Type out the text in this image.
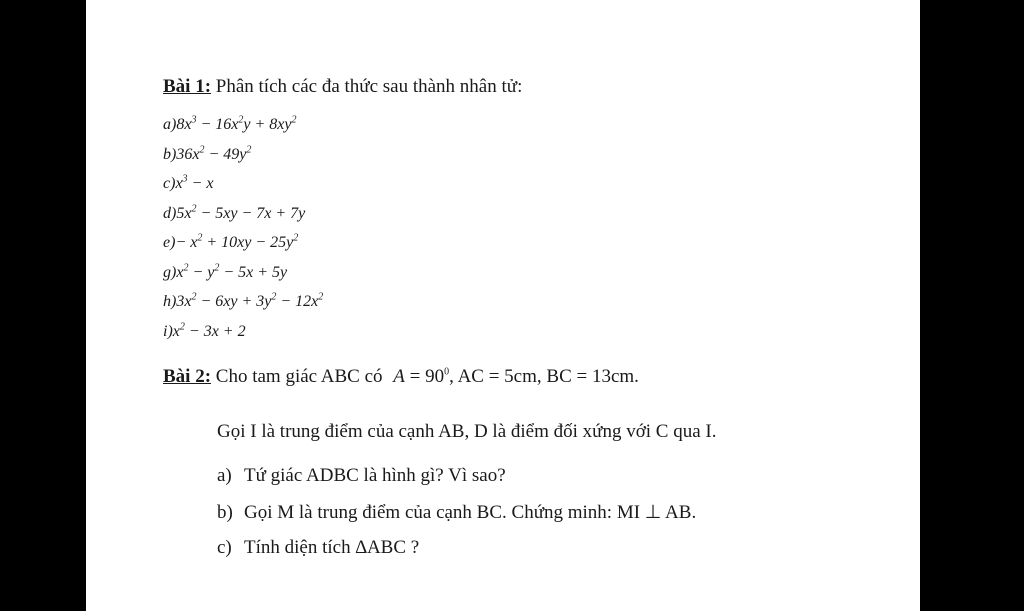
Bài 1: Phân tích các đa thức sau thành nhân tử:
$a)8x^3 - 16x^2y + 8xy^2$
$b)36x^2 - 49y^2$
$c)x^3 - x$
$d)5x^2 - 5xy - 7x + 7y$
$e)- x^2 + 10xy - 25y^2$
$g)x^2 - y^2 - 5x + 5y$
$h)3x^2 - 6xy + 3y^2 - 12x^2$
$i)x^2 - 3x + 2$
Bài 2: Cho tam giác ABC có $A = 90^0$, AC = 5cm, BC = 13cm.
Gọi I là trung điểm của cạnh AB, D là điểm đối xứng với C qua I.
a) Tứ giác ADBC là hình gì? Vì sao?
b) Gọi M là trung điểm của cạnh BC. Chứng minh: MI ⊥ AB.
c) Tính diện tích ∆ABC ?
